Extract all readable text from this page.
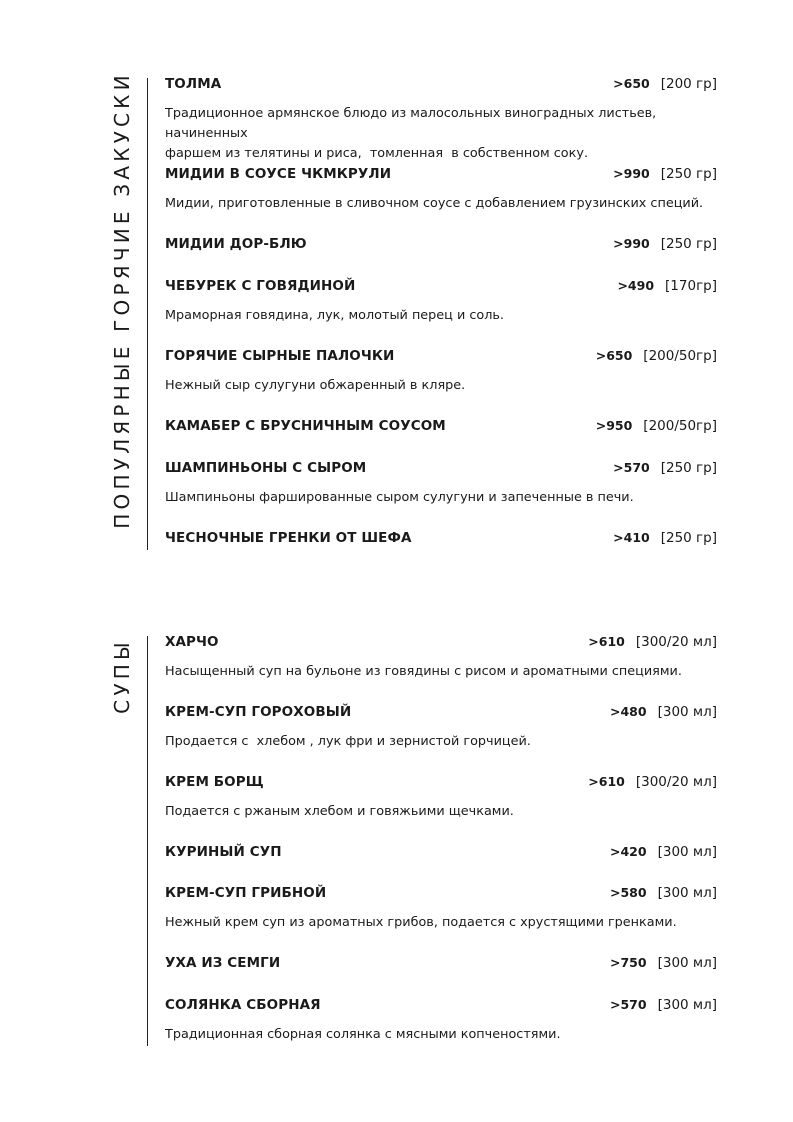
ПОПУЛЯРНЫЕ ГОРЯЧИЕ ЗАКУСКИ ТОЛМА	>650 [200 гр]
Традиционное армянское блюдо из малосольных виноградных листьев, начиненных
фаршем из телятины и риса,  томленная  в собственном соку.
МИДИИ В СОУСЕ ЧКМКРУЛИ	>990 [250 гр]
Мидии, приготовленные в сливочном соусе с добавлением грузинских специй.
МИДИИ ДОР-БЛЮ	>990 [250 гр]
ЧЕБУРЕК С ГОВЯДИНОЙ	>490 [170гр]
Мраморная говядина, лук, молотый перец и соль.
ГОРЯЧИЕ СЫРНЫЕ ПАЛОЧКИ	>650 [200/50гр]
Нежный сыр сулугуни обжаренный в кляре.
КАМАБЕР С БРУСНИЧНЫМ СОУСОМ	>950 [200/50гр]
ШАМПИНЬОНЫ С СЫРОМ	>570 [250 гр]
Шампиньоны фаршированные сыром сулугуни и запеченные в печи.
ЧЕСНОЧНЫЕ ГРЕНКИ ОТ ШЕФА	>410 [250 гр]
СУПЫ ХАРЧО	>610 [300/20 мл]
Насыщенный суп на бульоне из говядины с рисом и ароматными специями.
КРЕМ-СУП ГОРОХОВЫЙ	>480 [300 мл]
Продается с  хлебом , лук фри и зернистой горчицей.
КРЕМ БОРЩ	>610 [300/20 мл]
Подается с ржаным хлебом и говяжьими щечками.
КУРИНЫЙ СУП	>420 [300 мл]
КРЕМ-СУП ГРИБНОЙ	>580 [300 мл]
Нежный крем суп из ароматных грибов, подается с хрустящими гренками.
УХА ИЗ СЕМГИ	>750 [300 мл]
СОЛЯНКА СБОРНАЯ	>570 [300 мл]
Традиционная сборная солянка с мясными копченостями.
